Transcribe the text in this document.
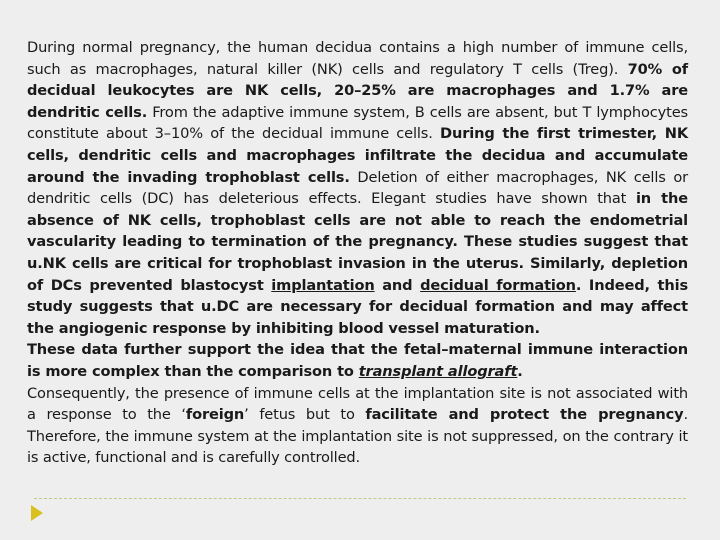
During normal pregnancy, the human decidua contains a high number of immune cells, such as macrophages, natural killer (NK) cells and regulatory T cells (Treg). 70% of decidual leukocytes are NK cells, 20–25% are macrophages and 1.7% are dendritic cells. From the adaptive immune system, B cells are absent, but T lymphocytes constitute about 3–10% of the decidual immune cells. During the first trimester, NK cells, dendritic cells and macrophages infiltrate the decidua and accumulate around the invading trophoblast cells. Deletion of either macrophages, NK cells or dendritic cells (DC) has deleterious effects. Elegant studies have shown that in the absence of NK cells, trophoblast cells are not able to reach the endometrial vascularity leading to termination of the pregnancy. These studies suggest that u.NK cells are critical for trophoblast invasion in the uterus. Similarly, depletion of DCs prevented blastocyst implantation and decidual formation. Indeed, this study suggests that u.DC are necessary for decidual formation and may affect the angiogenic response by inhibiting blood vessel maturation.

These data further support the idea that the fetal–maternal immune interaction is more complex than the comparison to transplant allograft.

Consequently, the presence of immune cells at the implantation site is not associated with a response to the ‘foreign’ fetus but to facilitate and protect the pregnancy. Therefore, the immune system at the implantation site is not suppressed, on the contrary it is active, functional and is carefully controlled.
